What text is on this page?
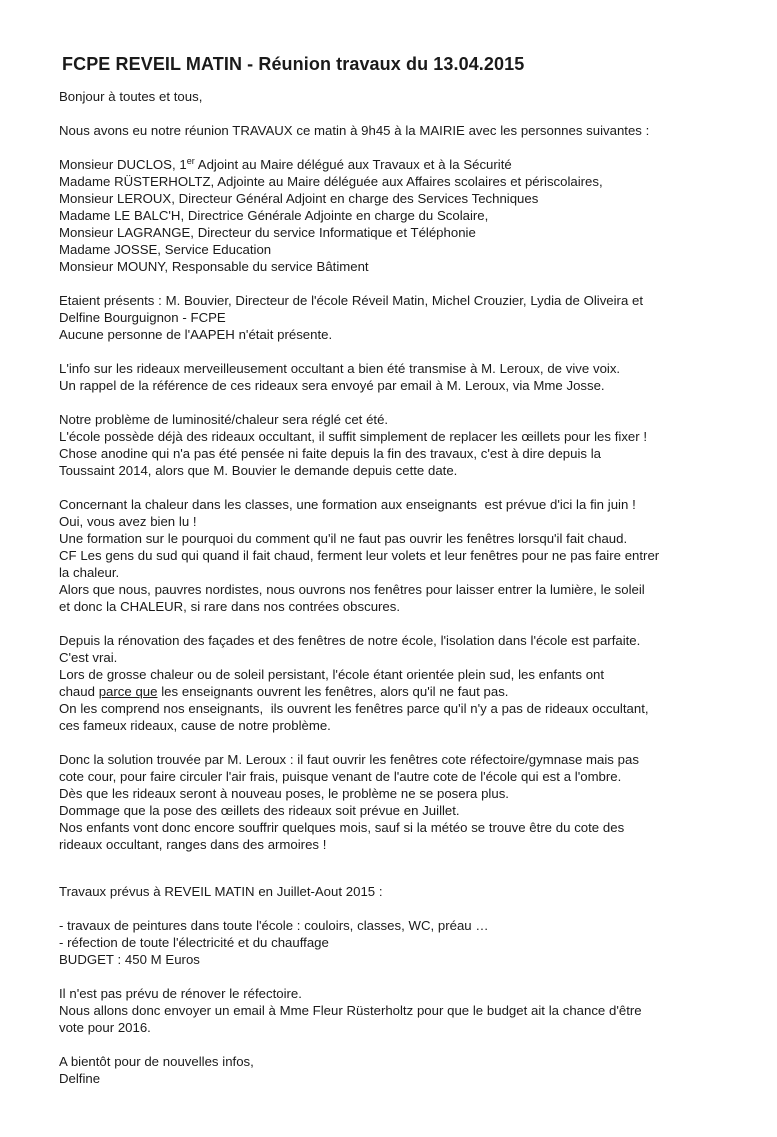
FCPE REVEIL MATIN - Réunion travaux du 13.04.2015

Bonjour à toutes et tous,

Nous avons eu notre réunion TRAVAUX ce matin à 9h45 à la MAIRIE avec les personnes suivantes :

Monsieur DUCLOS, 1er Adjoint au Maire délégué aux Travaux et à la Sécurité

Madame RÜSTERHOLTZ, Adjointe au Maire déléguée aux Affaires scolaires et périscolaires,

Monsieur LEROUX, Directeur Général Adjoint en charge des Services Techniques

Madame LE BALC'H, Directrice Générale Adjointe en charge du Scolaire,

Monsieur LAGRANGE, Directeur du service Informatique et Téléphonie

Madame JOSSE, Service Education

Monsieur MOUNY, Responsable du service Bâtiment

Etaient présents : M. Bouvier, Directeur de l'école Réveil Matin, Michel Crouzier, Lydia de Oliveira et

Delfine Bourguignon - FCPE

Aucune personne de l'AAPEH n'était présente.

L'info sur les rideaux merveilleusement occultant a bien été transmise à M. Leroux, de vive voix.

Un rappel de la référence de ces rideaux sera envoyé par email à M. Leroux, via Mme Josse.

Notre problème de luminosité/chaleur sera réglé cet été.

L'école possède déjà des rideaux occultant, il suffit simplement de replacer les œillets pour les fixer !

Chose anodine qui n'a pas été pensée ni faite depuis la fin des travaux, c'est à dire depuis la

Toussaint 2014, alors que M. Bouvier le demande depuis cette date.

Concernant la chaleur dans les classes, une formation aux enseignants  est prévue d'ici la fin juin !

Oui, vous avez bien lu !

Une formation sur le pourquoi du comment qu'il ne faut pas ouvrir les fenêtres lorsqu'il fait chaud.

CF Les gens du sud qui quand il fait chaud, ferment leur volets et leur fenêtres pour ne pas faire entrer

la chaleur.

Alors que nous, pauvres nordistes, nous ouvrons nos fenêtres pour laisser entrer la lumière, le soleil

et donc la CHALEUR, si rare dans nos contrées obscures.

Depuis la rénovation des façades et des fenêtres de notre école, l'isolation dans l'école est parfaite.

C'est vrai.

Lors de grosse chaleur ou de soleil persistant, l'école étant orientée plein sud, les enfants ont

chaud parce que les enseignants ouvrent les fenêtres, alors qu'il ne faut pas.

On les comprend nos enseignants,  ils ouvrent les fenêtres parce qu'il n'y a pas de rideaux occultant,

ces fameux rideaux, cause de notre problème.

Donc la solution trouvée par M. Leroux : il faut ouvrir les fenêtres cote réfectoire/gymnase mais pas

cote cour, pour faire circuler l'air frais, puisque venant de l'autre cote de l'école qui est a l'ombre.

Dès que les rideaux seront à nouveau poses, le problème ne se posera plus.

Dommage que la pose des œillets des rideaux soit prévue en Juillet.

Nos enfants vont donc encore souffrir quelques mois, sauf si la météo se trouve être du cote des

rideaux occultant, ranges dans des armoires !

Travaux prévus à REVEIL MATIN en Juillet-Aout 2015 :

- travaux de peintures dans toute l'école : couloirs, classes, WC, préau …

- réfection de toute l'électricité et du chauffage

BUDGET : 450 M Euros

Il n'est pas prévu de rénover le réfectoire.

Nous allons donc envoyer un email à Mme Fleur Rüsterholtz pour que le budget ait la chance d'être

vote pour 2016.

A bientôt pour de nouvelles infos,

Delfine
